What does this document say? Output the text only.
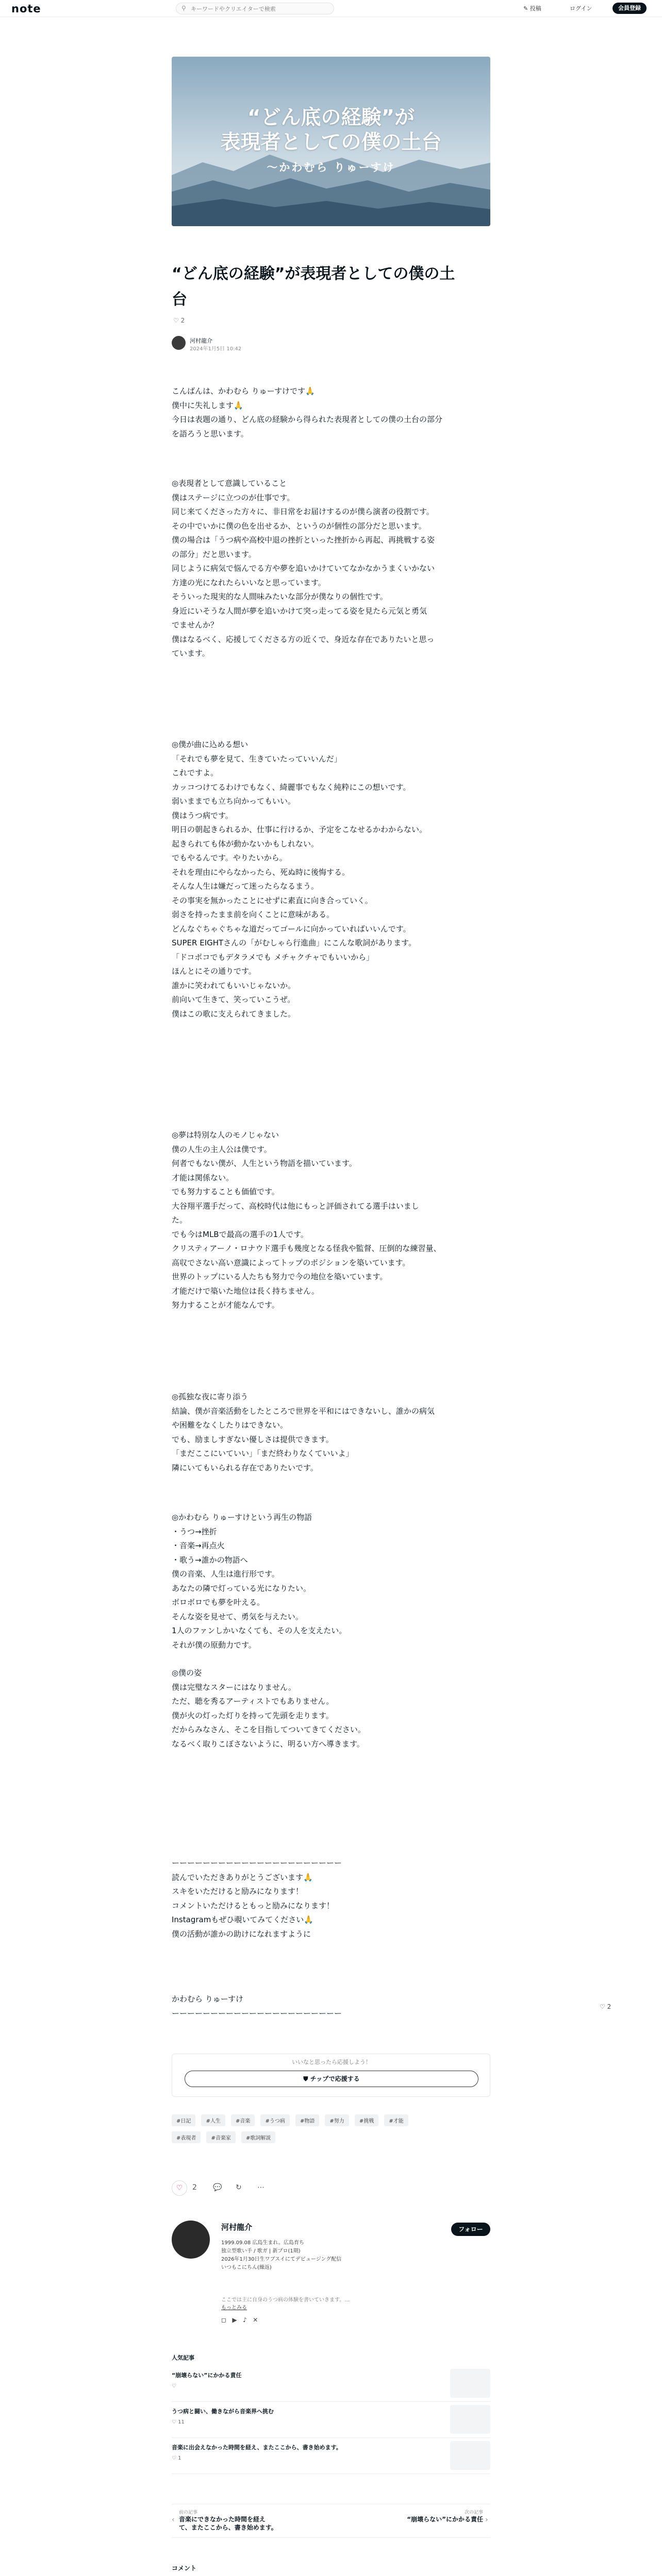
note	⚲
キーワードやクリエイターで検索	✎ 投稿	ログイン	会員登録
“どん底の経験”が
表現者としての僕の土台
〜かわむら りゅーすけ
“どん底の経験”が表現者としての僕の土
台
♡ 2
河村龍介
2024年1月5日 10:42
こんばんは、かわむら りゅーすけです🙏
僕中に失礼します🙏
今日は表題の通り、どん底の経験から得られた表現者としての僕の土台の部分
を語ろうと思います。
◎表現者として意識していること
僕はステージに立つのが仕事です。
同じ来てくださった方々に、非日常をお届けするのが僕ら演者の役割です。
その中でいかに僕の色を出せるか、というのが個性の部分だと思います。
僕の場合は「うつ病や高校中退の挫折といった挫折から再起、再挑戦する姿
の部分」だと思います。
同じように病気で悩んでる方や夢を追いかけていてなかなかうまくいかない
方達の光になれたらいいなと思っています。
そういった現実的な人間味みたいな部分が僕なりの個性です。
身近にいそうな人間が夢を追いかけて突っ走ってる姿を見たら元気と勇気
でませんか？
僕はなるべく、応援してくださる方の近くで、身近な存在でありたいと思っ
ています。
◎僕が曲に込める想い
「それでも夢を見て、生きていたっていいんだ」
これですよ。
カッコつけてるわけでもなく、綺麗事でもなく純粋にこの想いです。
弱いままでも立ち向かってもいい。
僕はうつ病です。
明日の朝起きられるか、仕事に行けるか、予定をこなせるかわからない。
起きられても体が動かないかもしれない。
でもやるんです。やりたいから。
それを理由にやらなかったら、死ぬ時に後悔する。
そんな人生は嫌だって迷ったらなるまう。
その事実を無かったことにせずに素直に向き合っていく。
弱さを持ったまま前を向くことに意味がある。
どんなぐちゃぐちゃな道だってゴールに向かっていればいいんです。
SUPER EIGHTさんの「がむしゃら行進曲」にこんな歌詞があります。
「ドコポコでもデタラメでも メチャクチャでもいいから」
ほんとにその通りです。
誰かに笑われてもいいじゃないか。
前向いて生きて、笑っていこうぜ。
僕はこの歌に支えられてきました。
◎夢は特別な人のモノじゃない
僕の人生の主人公は僕です。
何者でもない僕が、人生という物語を描いています。
才能は関係ない。
でも努力することも価値です。
大谷翔平選手だって、高校時代は他にもっと評価されてる選手はいまし
た。
でも今はMLBで最高の選手の1人です。
クリスティアーノ・ロナウド選手も幾度となる怪我や監督、圧倒的な練習量、
高収でさない高い意識によってトップのポジションを築いています。
世界のトップにいる人たちも努力で今の地位を築いています。
才能だけで築いた地位は長く持ちません。
努力することが才能なんです。
◎孤独な夜に寄り添う
結論、僕が音楽活動をしたところで世界を平和にはできないし、誰かの病気
や困難をなくしたりはできない。
でも、励ましすぎない優しさは提供できます。
「まだここにいていい」「まだ終わりなくていいよ」
隣にいてもいられる存在でありたいです。
◎かわむら りゅーすけという再生の物語
・うつ→挫折
・音楽→再点火
・歌う→誰かの物語へ
僕の音楽、人生は進行形です。
あなたの隣で灯っている光になりたい。
ボロボロでも夢を叶える。
そんな姿を見せて、勇気を与えたい。
1人のファンしかいなくても、その人を支えたい。
それが僕の原動力です。
◎僕の姿
僕は完璧なスターにはなりません。
ただ、聴を秀るアーティストでもありません。
僕が火の灯った灯りを持って先頭を走ります。
だからみなさん、そこを目指してついてきてください。
なるべく取りこぼさないように、明るい方へ導きます。
ーーーーーーーーーーーーーーーーーーーーーー
読んでいただきありがとうございます🙏
スキをいただけると励みになります！
コメントいただけるともっと励みになります！
Instagramもぜひ覗いてみてください🙏
僕の活動が誰かの助けになれますように
かわむら りゅーすけ
ーーーーーーーーーーーーーーーーーーーーーー
♡ 2
いいなと思ったら応援しよう！
⛊ チップで応援する
#日記	#人生	#音楽	#うつ病	#物語	#努力	#挑戦	#才能
#表現者	#音楽家	#歌詞解説
♡	2 💬 ↻ ⋯
河村龍介
1999.09.08 広島生まれ。広島育ち
独立型歌い手 / 歌ガ | 新プロ(1期)
2026年1月30日生ワブスイにてデビュージング配信
いつもこにちん(繰返)
ここでは主に自身のうつ病の体験を書いていきます。…
もっとみる
フォロー
◻ ▶ ♪ ✕
人気記事
“崩壊らない”にかかる責任
♡
うつ病と闘い、働きながら音楽界へ挑む
♡ 11
音楽に出会えなかった時間を経え、またここから、書き始めます。
♡ 1
‹
前の記事
音楽にできなかった時間を経え
て、またここから、書き始めます。
次の記事
“崩壊らない”にかかる責任 ›
コメント
